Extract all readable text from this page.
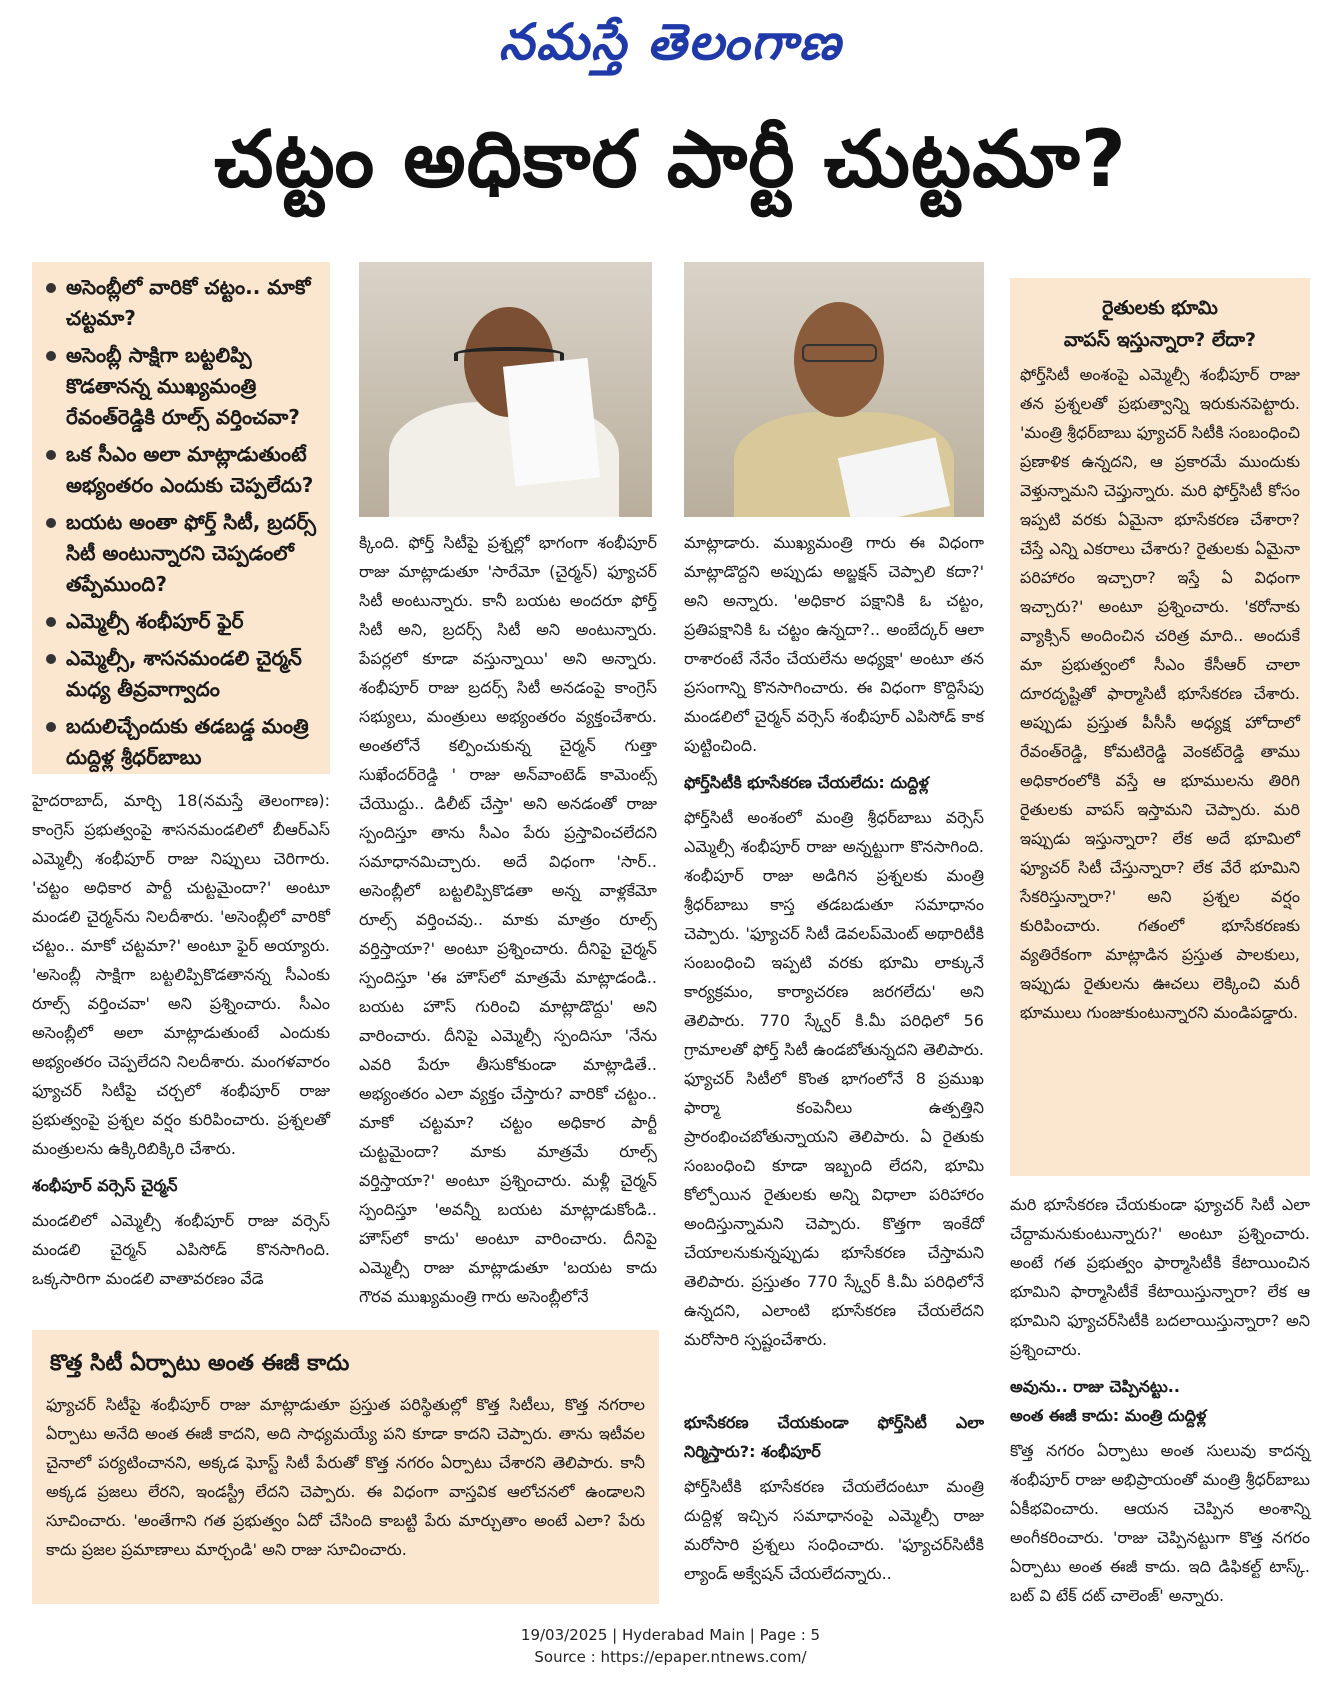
నమస్తే తెలంగాణ
చట్టం అధికార పార్టీ చుట్టమా?
అసెంబ్లీలో వారికో చట్టం.. మాకో చట్టమా?
అసెంబ్లీ సాక్షిగా బట్టలిప్పి కొడతానన్న ముఖ్యమంత్రి రేవంత్‌రెడ్డికి రూల్స్ వర్తించవా?
ఒక సీఎం అలా మాట్లాడుతుంటే అభ్యంతరం ఎందుకు చెప్పలేదు?
బయట అంతా ఫోర్త్ సిటీ, బ్రదర్స్ సిటీ అంటున్నారని చెప్పడంలో తప్పేముంది?
ఎమ్మెల్సీ శంభీపూర్ ఫైర్
ఎమ్మెల్సీ, శాసనమండలి చైర్మన్ మధ్య తీవ్రవాగ్వాదం
బదులిచ్చేందుకు తడబడ్డ మంత్రి దుద్దిళ్ల శ్రీధర్‌బాబు

హైదరాబాద్, మార్చి 18(నమస్తే తెలంగాణ): కాంగ్రెస్ ప్రభుత్వంపై శాసనమండలిలో బీఆర్‌ఎస్ ఎమ్మెల్సీ శంభీపూర్ రాజు నిప్పులు చెరిగారు. 'చట్టం అధికార పార్టీ చుట్టమైందా?' అంటూ మండలి చైర్మన్‌ను నిలదీశారు. 'అసెంబ్లీలో వారికో చట్టం.. మాకో చట్టమా?' అంటూ ఫైర్ అయ్యారు. 'అసెంబ్లీ సాక్షిగా బట్టలిప్పికొడతానన్న సీఎంకు రూల్స్ వర్తించవా' అని ప్రశ్నించారు. సీఎం అసెంబ్లీలో అలా మాట్లాడుతుంటే ఎందుకు అభ్యంతరం చెప్పలేదని నిలదీశారు. మంగళవారం ఫ్యూచర్ సిటీపై చర్చలో శంభీపూర్ రాజు ప్రభుత్వంపై ప్రశ్నల వర్షం కురిపించారు. ప్రశ్నలతో మంత్రులను ఉక్కిరిబిక్కిరి చేశారు.

శంభీపూర్ వర్సెస్ చైర్మన్

మండలిలో ఎమ్మెల్సీ శంభీపూర్ రాజు వర్సెస్ మండలి చైర్మన్ ఎపిసోడ్ కొనసాగింది. ఒక్కసారిగా మండలి వాతావరణం వేడె

క్కింది. ఫోర్త్ సిటీపై ప్రశ్నల్లో భాగంగా శంభీపూర్ రాజు మాట్లాడుతూ 'సారేమో (చైర్మన్) ఫ్యూచర్ సిటీ అంటున్నారు. కానీ బయట అందరూ ఫోర్త్ సిటీ అని, బ్రదర్స్ సిటీ అని అంటున్నారు. పేపర్లలో కూడా వస్తున్నాయి' అని అన్నారు. శంభీపూర్ రాజు బ్రదర్స్ సిటీ అనడంపై కాంగ్రెస్ సభ్యులు, మంత్రులు అభ్యంతరం వ్యక్తంచేశారు. అంతలోనే కల్పించుకున్న చైర్మన్ గుత్తా సుఖేందర్‌రెడ్డి ' రాజు అన్‌వాంటెడ్ కామెంట్స్ చేయొద్దు.. డిలీట్ చేస్తా' అని అనడంతో రాజు స్పందిస్తూ తాను సీఎం పేరు ప్రస్తావించలేదని సమాధానమిచ్చారు. అదే విధంగా 'సార్.. అసెంబ్లీలో బట్టలిప్పికొడతా అన్న వాళ్లకేమో రూల్స్ వర్తించవు.. మాకు మాత్రం రూల్స్ వర్తిస్తాయా?' అంటూ ప్రశ్నించారు. దీనిపై చైర్మన్ స్పందిస్తూ 'ఈ హౌస్‌లో మాత్రమే మాట్లాడండి.. బయట హౌస్ గురించి మాట్లాడొద్దు' అని వారించారు. దీనిపై ఎమ్మెల్సీ స్పందిసూ 'నేను ఎవరి పేరూ తీసుకోకుండా మాట్లాడితే.. అభ్యంతరం ఎలా వ్యక్తం చేస్తారు? వారికో చట్టం.. మాకో చట్టమా? చట్టం అధికార పార్టీ చుట్టమైందా? మాకు మాత్రమే రూల్స్ వర్తిస్తాయా?' అంటూ ప్రశ్నించారు. మళ్లీ చైర్మన్ స్పందిస్తూ 'అవన్నీ బయట మాట్లాడుకోండి.. హౌస్‌లో కాదు' అంటూ వారించారు. దీనిపై ఎమ్మెల్సీ రాజు మాట్లాడుతూ 'బయట కాదు గౌరవ ముఖ్యమంత్రి గారు అసెంబ్లీలోనే

మాట్లాడారు. ముఖ్యమంత్రి గారు ఈ విధంగా మాట్లాడొద్దని అప్పుడు అబ్జక్షన్ చెప్పాలి కదా?' అని అన్నారు. 'అధికార పక్షానికి ఓ చట్టం, ప్రతిపక్షానికి ఓ చట్టం ఉన్నదా?.. అంబేద్కర్ ఆలా రాశారంటే నేనేం చేయలేను అధ్యక్షా' అంటూ తన ప్రసంగాన్ని కొనసాగించారు. ఈ విధంగా కొద్దిసేపు మండలిలో చైర్మన్ వర్సెస్ శంభీపూర్ ఎపిసోడ్ కాక పుట్టించింది.

ఫోర్త్‌సిటీకి భూసేకరణ చేయలేదు: దుద్దిళ్ల

ఫోర్త్‌సిటీ అంశంలో మంత్రి శ్రీధర్‌బాబు వర్సెస్ ఎమ్మెల్సీ శంభీపూర్ రాజు అన్నట్టుగా కొనసాగింది. శంభీపూర్ రాజు అడిగిన ప్రశ్నలకు మంత్రి శ్రీధర్‌బాబు కాస్త తడబడుతూ సమాధానం చెప్పారు. 'ఫ్యూచర్ సిటీ డెవలప్‌మెంట్ అథారిటీకి సంబంధించి ఇప్పటి వరకు భూమి లాక్కునే కార్యక్రమం, కార్యాచరణ జరగలేదు' అని తెలిపారు. 770 స్క్వేర్ కి.మీ పరిధిలో 56 గ్రామాలతో ఫోర్త్ సిటీ ఉండబోతున్నదని తెలిపారు. ఫ్యూచర్ సిటీలో కొంత భాగంలోనే 8 ప్రముఖ ఫార్మా కంపెనీలు ఉత్పత్తిని ప్రారంభించబోతున్నాయని తెలిపారు. ఏ రైతుకు సంబంధించి కూడా ఇబ్బంది లేదని, భూమి కోల్పోయిన రైతులకు అన్ని విధాలా పరిహారం అందిస్తున్నామని చెప్పారు. కొత్తగా ఇంకేదో చేయాలనుకున్నప్పుడు భూసేకరణ చేస్తామని తెలిపారు. ప్రస్తుతం 770 స్క్వేర్ కి.మీ పరిధిలోనే ఉన్నదని, ఎలాంటి భూసేకరణ చేయలేదని మరోసారి స్పష్టంచేశారు.

భూసేకరణ చేయకుండా ఫోర్త్‌సిటీ ఎలా నిర్మిస్తారు?: శంభీపూర్

ఫోర్త్‌సిటీకి భూసేకరణ చేయలేదంటూ మంత్రి దుద్దిళ్ల ఇచ్చిన సమాధానంపై ఎమ్మెల్సీ రాజు మరోసారి ప్రశ్నలు సంధించారు. 'ఫ్యూచర్‌సిటీకి ల్యాండ్ అక్వేషన్ చేయలేదన్నారు..

రైతులకు భూమి
వాపస్ ఇస్తున్నారా? లేదా?

ఫోర్త్‌సిటీ అంశంపై ఎమ్మెల్సీ శంభీపూర్ రాజు తన ప్రశ్నలతో ప్రభుత్వాన్ని ఇరుకునపెట్టారు. 'మంత్రి శ్రీధర్‌బాబు ఫ్యూచర్ సిటీకి సంబంధించి ప్రణాళిక ఉన్నదని, ఆ ప్రకారమే ముందుకు వెళ్తున్నామని చెప్తున్నారు. మరి ఫోర్త్‌సిటీ కోసం ఇప్పటి వరకు ఏమైనా భూసేకరణ చేశారా? చేస్తే ఎన్ని ఎకరాలు చేశారు? రైతులకు ఏమైనా పరిహారం ఇచ్చారా? ఇస్తే ఏ విధంగా ఇచ్చారు?' అంటూ ప్రశ్నించారు. 'కరోనాకు వ్యాక్సిన్ అందించిన చరిత్ర మాది.. అందుకే మా ప్రభుత్వంలో సీఎం కేసీఆర్ చాలా దూరదృష్టితో ఫార్మాసిటీ భూసేకరణ చేశారు. అప్పుడు ప్రస్తుత పీసీసీ అధ్యక్ష హోదాలో రేవంత్‌రెడ్డి, కోమటిరెడ్డి వెంకట్‌రెడ్డి తాము అధికారంలోకి వస్తే ఆ భూములను తిరిగి రైతులకు వాపస్ ఇస్తామని చెప్పారు. మరి ఇప్పుడు ఇస్తున్నారా? లేక అదే భూమిలో ఫ్యూచర్ సిటీ చేస్తున్నారా? లేక వేరే భూమిని సేకరిస్తున్నారా?' అని ప్రశ్నల వర్షం కురిపించారు. గతంలో భూసేకరణకు వ్యతిరేకంగా మాట్లాడిన ప్రస్తుత పాలకులు, ఇప్పుడు రైతులను ఊచలు లెక్కించి మరీ భూములు గుంజుకుంటున్నారని మండిపడ్డారు.

మరి భూసేకరణ చేయకుండా ఫ్యూచర్ సిటీ ఎలా చేద్దామనుకుంటున్నారు?' అంటూ ప్రశ్నించారు. అంటే గత ప్రభుత్వం ఫార్మాసిటీకి కేటాయించిన భూమిని ఫార్మాసిటీకే కేటాయిస్తున్నారా? లేక ఆ భూమిని ఫ్యూచర్‌సిటీకి బదలాయిస్తున్నారా? అని ప్రశ్నించారు.

అవును.. రాజు చెప్పినట్టు..
అంత ఈజీ కాదు: మంత్రి దుద్దిళ్ల

కొత్త నగరం ఏర్పాటు అంత సులువు కాదన్న శంభీపూర్ రాజు అభిప్రాయంతో మంత్రి శ్రీధర్‌బాబు ఏకీభవించారు. ఆయన చెప్పిన అంశాన్ని అంగీకరించారు. 'రాజు చెప్పినట్టుగా కొత్త నగరం ఏర్పాటు అంత ఈజీ కాదు. ఇది డిఫికల్ట్ టాస్క్. బట్ వి టేక్ దట్ చాలెంజ్' అన్నారు.

కొత్త సిటీ ఏర్పాటు అంత ఈజీ కాదు

ఫ్యూచర్ సిటీపై శంభీపూర్ రాజు మాట్లాడుతూ ప్రస్తుత పరిస్థితుల్లో కొత్త సిటీలు, కొత్త నగరాల ఏర్పాటు అనేది అంత ఈజీ కాదని, అది సాధ్యమయ్యే పని కూడా కాదని చెప్పారు. తాను ఇటీవల చైనాలో పర్యటించానని, అక్కడ ఘోస్ట్ సిటీ పేరుతో కొత్త నగరం ఏర్పాటు చేశారని తెలిపారు. కానీ అక్కడ ప్రజలు లేరని, ఇండస్ట్రీ లేదని చెప్పారు. ఈ విధంగా వాస్తవిక ఆలోచనలో ఉండాలని సూచించారు. 'అంతేగాని గత ప్రభుత్వం ఏదో చేసింది కాబట్టి పేరు మార్చుతాం అంటే ఎలా? పేరు కాదు ప్రజల ప్రమాణాలు మార్చండి' అని రాజు సూచించారు.

19/03/2025 | Hyderabad Main | Page : 5
Source : https://epaper.ntnews.com/
